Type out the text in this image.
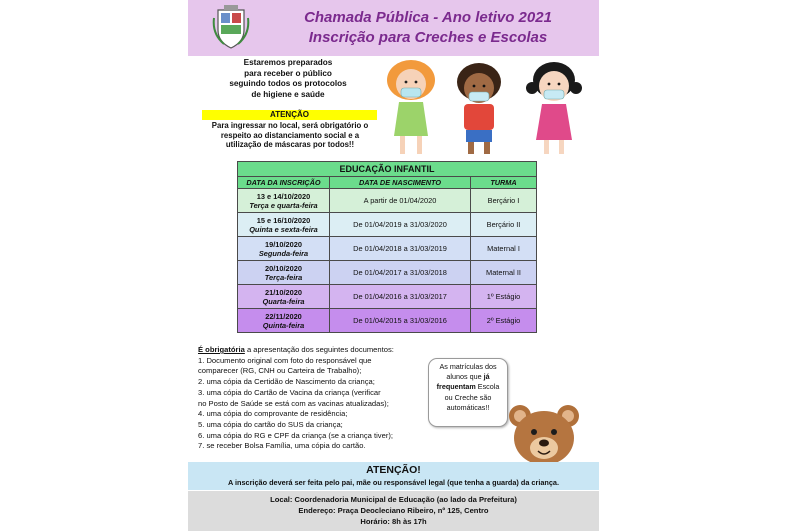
Chamada Pública - Ano letivo 2021
Inscrição para Creches e Escolas
Estaremos preparados
para receber o público
seguindo todos os protocolos
de higiene e saúde
ATENÇÃO
Para ingressar no local, será obrigatório o
respeito ao distanciamento social e a
utilização de máscaras por todos!!
EDUCAÇÃO INFANTIL		
DATA DA INSCRIÇÃO	DATA DE NASCIMENTO	TURMA

13 e 14/10/2020
Terça e quarta-feira	A partir de 01/04/2020	Berçário I

15 e 16/10/2020
Quinta e sexta-feira	De 01/04/2019 a 31/03/2020	Berçário II

19/10/2020
Segunda-feira	De 01/04/2018 a 31/03/2019	Maternal I

20/10/2020
Terça-feira	De 01/04/2017 a 31/03/2018	Maternal II

21/10/2020
Quarta-feira	De 01/04/2016 a 31/03/2017	1º Estágio

22/11/2020
Quinta-feira	De 01/04/2015 a 31/03/2016	2º Estágio
É obrigatória a apresentação dos seguintes documentos:
1. Documento original com foto do responsável que
comparecer (RG, CNH ou Carteira de Trabalho);
2. uma cópia da Certidão de Nascimento da criança;
3. uma cópia do Cartão de Vacina da criança (verificar
no Posto de Saúde se está com as vacinas atualizadas);
4. uma cópia do comprovante de residência;
5. uma cópia do cartão do SUS da criança;
6. uma cópia do RG e CPF da criança (se a criança tiver);
7. se receber Bolsa Família, uma cópia do cartão.
As matrículas dos
alunos que já
frequentam Escola
ou Creche são
automáticas!!
ATENÇÃO!
A inscrição deverá ser feita pelo pai, mãe ou responsável legal (que tenha a guarda) da criança.
Local: Coordenadoria Municipal de Educação (ao lado da Prefeitura)
Endereço: Praça Deocleciano Ribeiro, nº 125, Centro
Horário: 8h às 17h
